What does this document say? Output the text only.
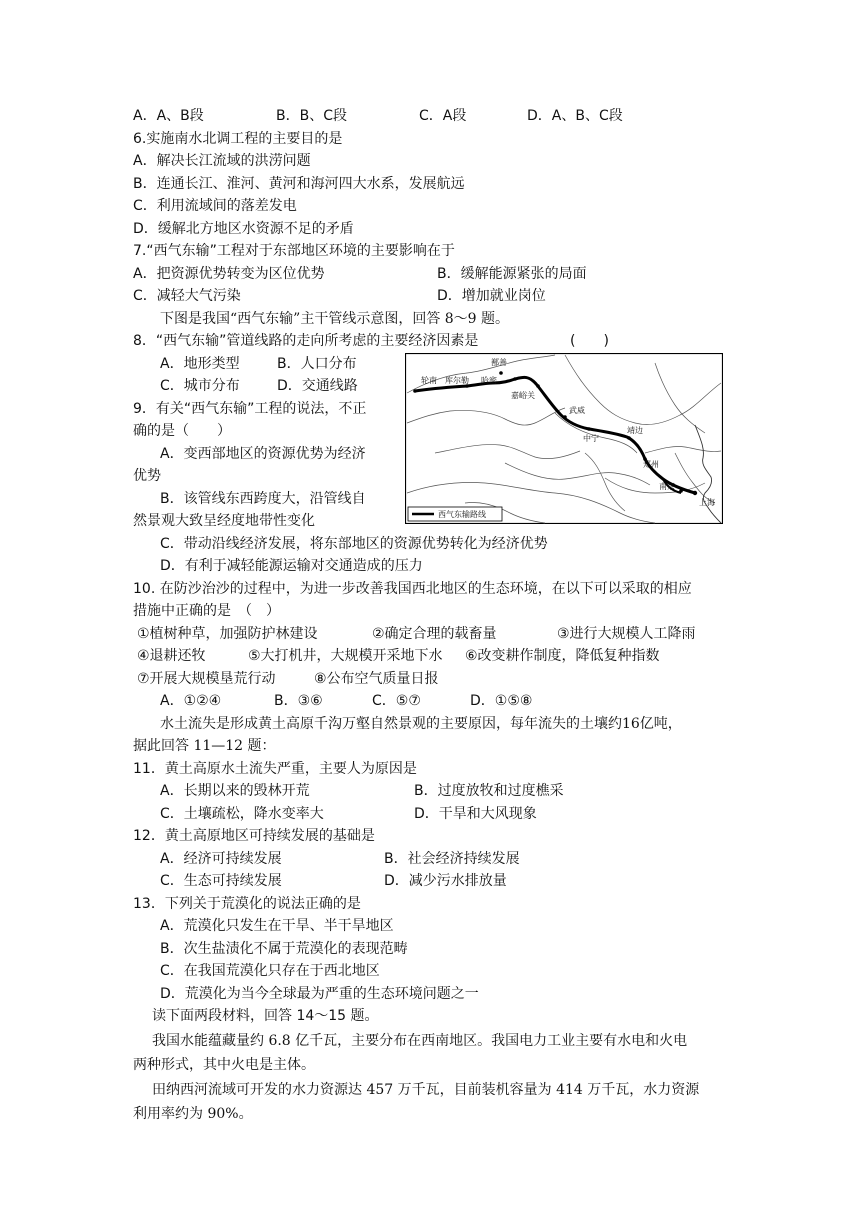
A．A、B段	B．B、C段	C．A段	D．A、B、C段
6.实施南水北调工程的主要目的是
A．解决长江流域的洪涝问题
B．连通长江、淮河、黄河和海河四大水系，发展航远
C．利用流域间的落差发电
D．缓解北方地区水资源不足的矛盾
7.“西气东输”工程对于东部地区环境的主要影响在于
A．把资源优势转变为区位优势	B．缓解能源紧张的局面
C．减轻大气污染	D．增加就业岗位
下图是我国“西气东输”主干管线示意图，回答 8～9 题。
8．“西气东输”管道线路的走向所考虑的主要经济因素是	(　　)
A．地形类型	B．人口分布
C．城市分布	D．交通线路
9．有关“西气东输”工程的说法，不正
确的是（　　）
A．变西部地区的资源优势为经济
优势
B．该管线东西跨度大，沿管线自
然景观大致呈经度地带性变化
C．带动沿线经济发展，将东部地区的资源优势转化为经济优势
D．有利于减轻能源运输对交通造成的压力
鄯善
轮南 库尔勒 哈密
嘉峪关
武威
靖边
中宁
郑州
南京
上海
西气东输路线
10. 在防沙治沙的过程中，为进一步改善我国西北地区的生态环境，在以下可以采取的相应
措施中正确的是　（　）
①植树种草，加强防护林建设	②确定合理的载畜量	③进行大规模人工降雨
④退耕还牧	⑤大打机井，大规模开采地下水 ⑥改变耕作制度，降低复种指数
⑦开展大规模垦荒行动	⑧公布空气质量日报
A．①②④	B．③⑥	C．⑤⑦	D．①⑤⑧
水土流失是形成黄土高原千沟万壑自然景观的主要原因，每年流失的土壤约16亿吨，
据此回答 11—12 题：
11．黄土高原水土流失严重，主要人为原因是
A．长期以来的毁林开荒	B．过度放牧和过度樵采
C．土壤疏松，降水变率大	D．干旱和大风现象
12．黄土高原地区可持续发展的基础是
A．经济可持续发展	B．社会经济持续发展
C．生态可持续发展	D．减少污水排放量
13．下列关于荒漠化的说法正确的是
A．荒漠化只发生在干旱、半干旱地区
B．次生盐渍化不属于荒漠化的表现范畴
C．在我国荒漠化只存在于西北地区
D．荒漠化为当今全球最为严重的生态环境问题之一
读下面两段材料，回答 14～15 题。
我国水能蕴藏量约 6.8 亿千瓦，主要分布在西南地区。我国电力工业主要有水电和火电
两种形式，其中火电是主体。
田纳西河流域可开发的水力资源达 457 万千瓦，目前装机容量为 414 万千瓦，水力资源
利用率约为 90%。
